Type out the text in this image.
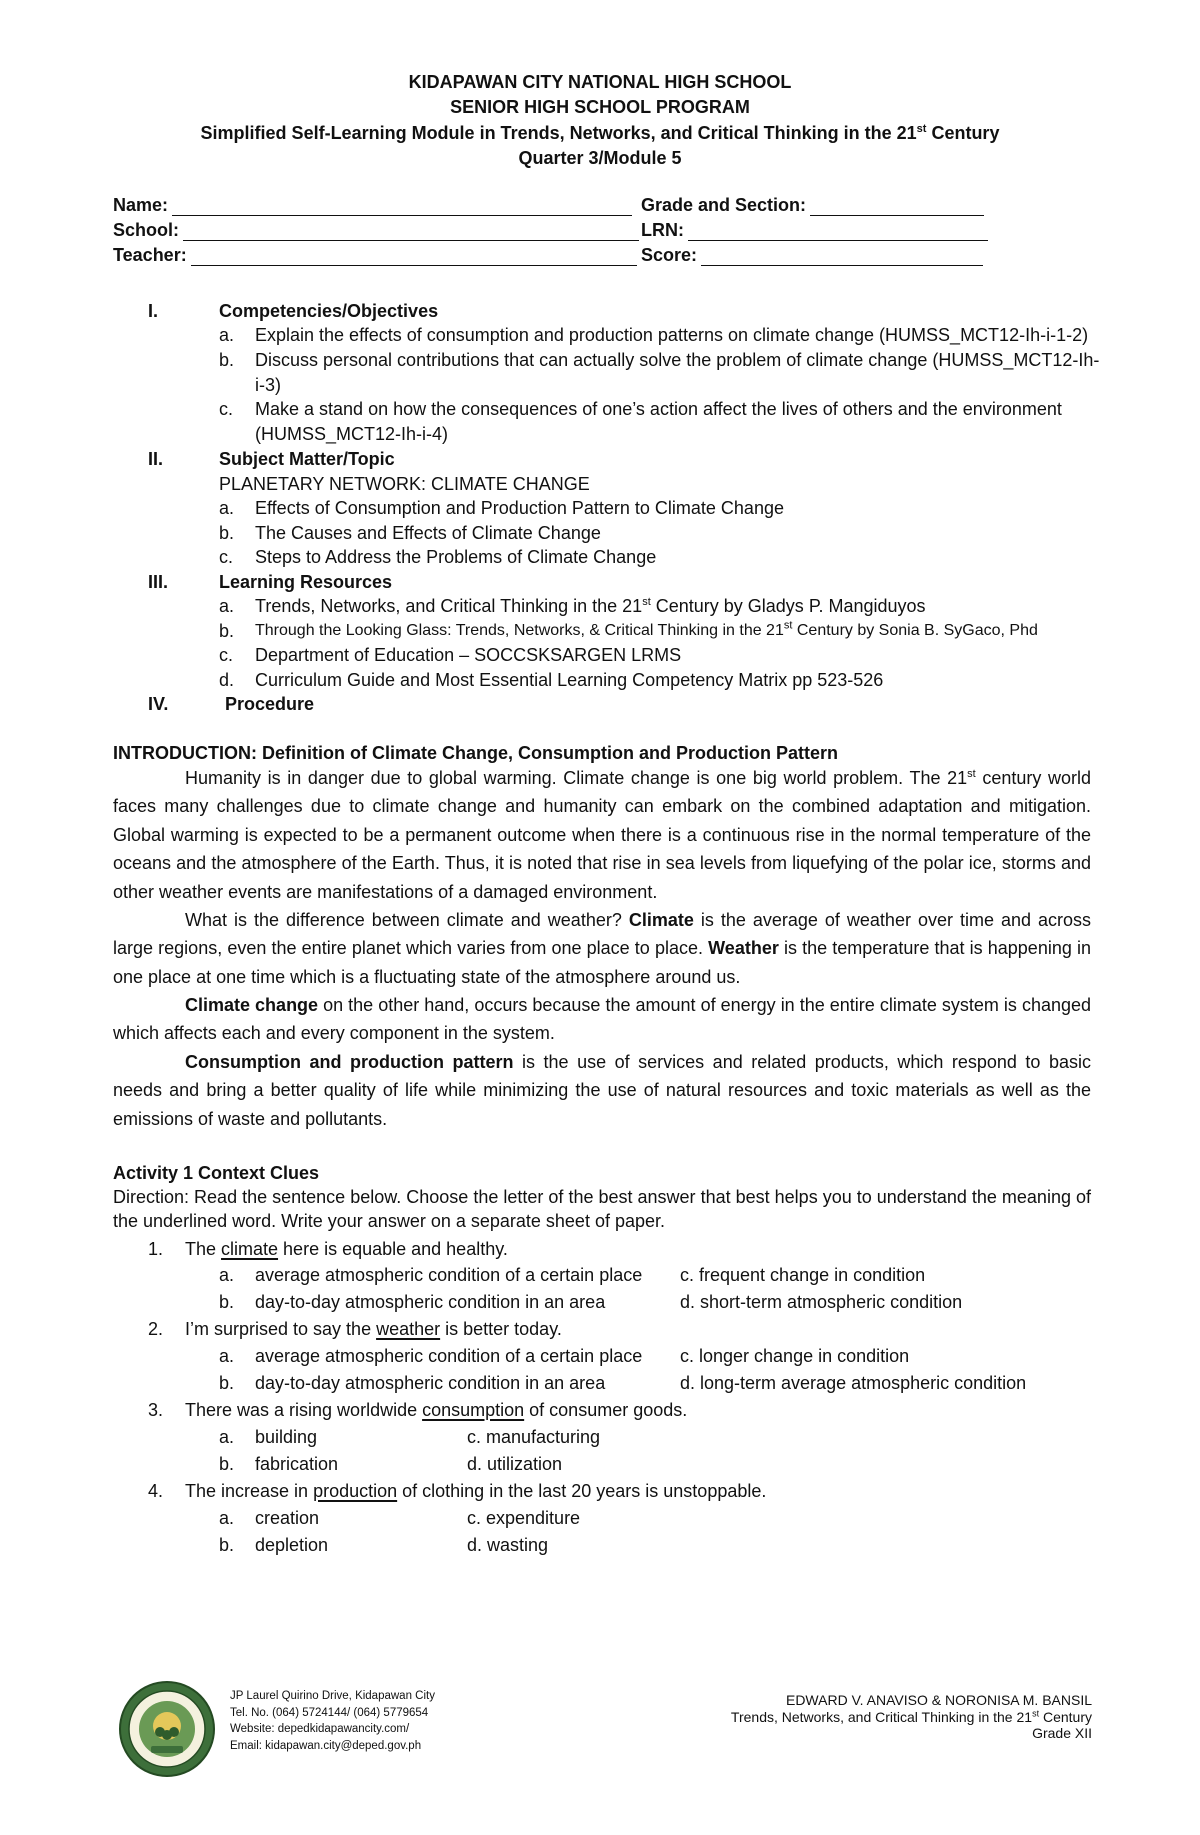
KIDAPAWAN CITY NATIONAL HIGH SCHOOL
SENIOR HIGH SCHOOL PROGRAM
Simplified Self-Learning Module in Trends, Networks, and Critical Thinking in the 21st Century
Quarter 3/Module 5
Name:	Grade and Section:
School:	LRN:
Teacher:	Score:
I.	Competencies/Objectives
a. Explain the effects of consumption and production patterns on climate change (HUMSS_MCT12-Ih-i-1-2)
b. Discuss personal contributions that can actually solve the problem of climate change (HUMSS_MCT12-Ih-
i-3)
c. Make a stand on how the consequences of one’s action affect the lives of others and the environment
(HUMSS_MCT12-Ih-i-4)
II.	Subject Matter/Topic
PLANETARY NETWORK: CLIMATE CHANGE
a. Effects of Consumption and Production Pattern to Climate Change
b. The Causes and Effects of Climate Change
c. Steps to Address the Problems of Climate Change
III.	Learning Resources
a. Trends, Networks, and Critical Thinking in the 21st Century by Gladys P. Mangiduyos
b. Through the Looking Glass: Trends, Networks, & Critical Thinking in the 21st Century by Sonia B. SyGaco, Phd
c. Department of Education – SOCCSKSARGEN LRMS
d. Curriculum Guide and Most Essential Learning Competency Matrix pp 523-526
IV.	Procedure
INTRODUCTION: Definition of Climate Change, Consumption and Production Pattern
Humanity is in danger due to global warming. Climate change is one big world problem. The 21st century world faces many challenges due to climate change and humanity can embark on the combined adaptation and mitigation. Global warming is expected to be a permanent outcome when there is a continuous rise in the normal temperature of the oceans and the atmosphere of the Earth. Thus, it is noted that rise in sea levels from liquefying of the polar ice, storms and other weather events are manifestations of a damaged environment.
What is the difference between climate and weather? Climate is the average of weather over time and across large regions, even the entire planet which varies from one place to place. Weather is the temperature that is happening in one place at one time which is a fluctuating state of the atmosphere around us.
Climate change on the other hand, occurs because the amount of energy in the entire climate system is changed which affects each and every component in the system.
Consumption and production pattern is the use of services and related products, which respond to basic needs and bring a better quality of life while minimizing the use of natural resources and toxic materials as well as the emissions of waste and pollutants.
Activity 1 Context Clues
Direction: Read the sentence below. Choose the letter of the best answer that best helps you to understand the meaning of the underlined word. Write your answer on a separate sheet of paper.
1. The climate here is equable and healthy.
a. average atmospheric condition of a certain place c. frequent change in condition
b. day-to-day atmospheric condition in an area	d. short-term atmospheric condition
2. I’m surprised to say the weather is better today.
a. average atmospheric condition of a certain place c. longer change in condition
b. day-to-day atmospheric condition in an area	d. long-term average atmospheric condition
3. There was a rising worldwide consumption of consumer goods.
a. building	c. manufacturing
b. fabrication	d. utilization
4. The increase in production of clothing in the last 20 years is unstoppable.
a. creation	c. expenditure
b. depletion	d. wasting
JP Laurel Quirino Drive, Kidapawan City
Tel. No. (064) 5724144/ (064) 5779654
Website: depedkidapawancity.com/
Email: kidapawan.city@deped.gov.ph
EDWARD V. ANAVISO & NORONISA M. BANSIL
Trends, Networks, and Critical Thinking in the 21st Century
Grade XII
